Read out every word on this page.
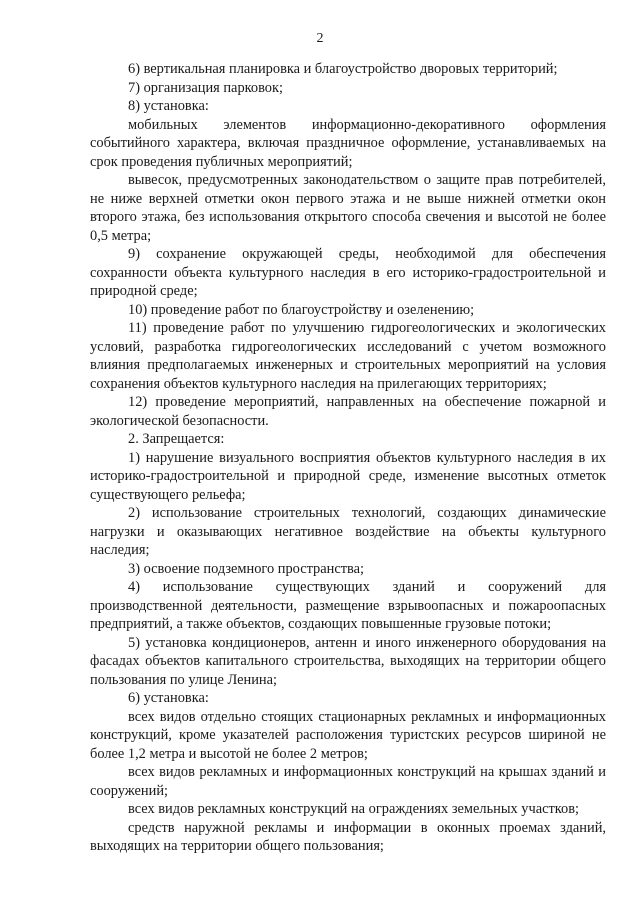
2

6) вертикальная планировка и благоустройство дворовых территорий;

7) организация парковок;

8) установка:

мобильных элементов информационно-декоративного оформления событийного характера, включая праздничное оформление, устанавливаемых на срок проведения публичных мероприятий;

вывесок, предусмотренных законодательством о защите прав потребителей, не ниже верхней отметки окон первого этажа и не выше нижней отметки окон второго этажа, без использования открытого способа свечения и высотой не более 0,5 метра;

9) сохранение окружающей среды, необходимой для обеспечения сохранности объекта культурного наследия в его историко-градостроительной и природной среде;

10) проведение работ по благоустройству и озеленению;

11) проведение работ по улучшению гидрогеологических и экологических условий, разработка гидрогеологических исследований с учетом возможного влияния предполагаемых инженерных и строительных мероприятий на условия сохранения объектов культурного наследия на прилегающих территориях;

12) проведение мероприятий, направленных на обеспечение пожарной и экологической безопасности.

2. Запрещается:

1) нарушение визуального восприятия объектов культурного наследия в их историко-градостроительной и природной среде, изменение высотных отметок существующего рельефа;

2) использование строительных технологий, создающих динамические нагрузки и оказывающих негативное воздействие на объекты культурного наследия;

3) освоение подземного пространства;

4) использование существующих зданий и сооружений для производственной деятельности, размещение взрывоопасных и пожароопасных предприятий, а также объектов, создающих повышенные грузовые потоки;

5) установка кондиционеров, антенн и иного инженерного оборудования на фасадах объектов капитального строительства, выходящих на территории общего пользования по улице Ленина;

6) установка:

всех видов отдельно стоящих стационарных рекламных и информационных конструкций, кроме указателей расположения туристских ресурсов шириной не более 1,2 метра и высотой не более 2 метров;

всех видов рекламных и информационных конструкций на крышах зданий и сооружений;

всех видов рекламных конструкций на ограждениях земельных участков;

средств наружной рекламы и информации в оконных проемах зданий, выходящих на территории общего пользования;
